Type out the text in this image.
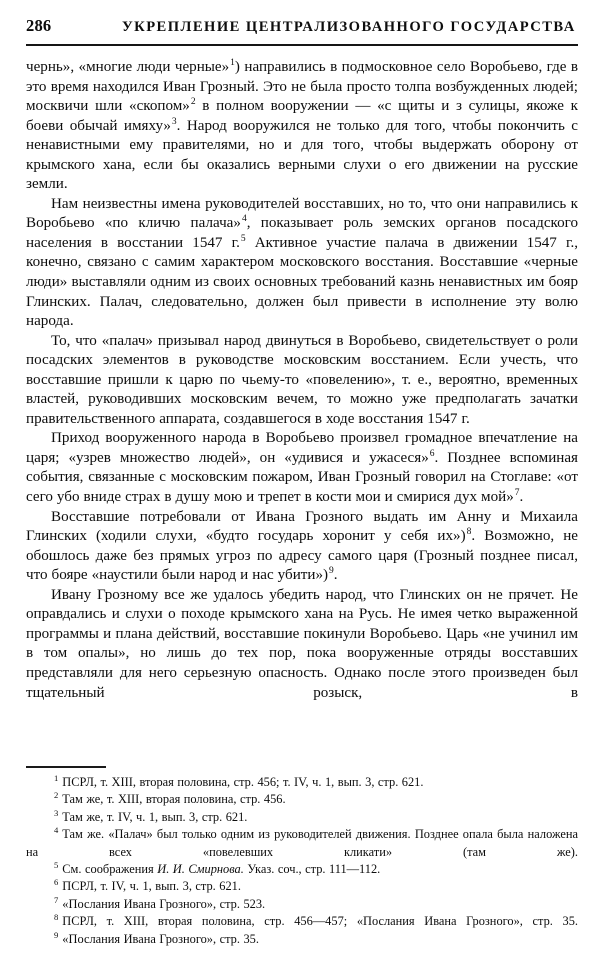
286	УКРЕПЛЕНИЕ ЦЕНТРАЛИЗОВАННОГО ГОСУДАРСТВА

чернь», «многие люди черные»$^1$) направились в подмосковное село Воробьево, где в это время находился Иван Грозный. Это не была просто толпа возбужденных людей; москвичи шли «скопом»$^2$ в полном вооружении — «с щиты и з сулицы, якоже к боеви обычай имяху»$^3$. Народ вооружился не только для того, чтобы покончить с ненавистными ему правителями, но и для того, чтобы выдержать оборону от крымского хана, если бы оказались верными слухи о его движении на русские земли.

Нам неизвестны имена руководителей восставших, но то, что они направились к Воробьево «по кличю палача»$^4$, показывает роль земских органов посадского населения в восстании 1547 г.$^5$ Активное участие палача в движении 1547 г., конечно, связано с самим характером московского восстания. Восставшие «черные люди» выставляли одним из своих основных требований казнь ненавистных им бояр Глинских. Палач, следовательно, должен был привести в исполнение эту волю народа.

То, что «палач» призывал народ двинуться в Воробьево, свидетельствует о роли посадских элементов в руководстве московским восстанием. Если учесть, что восставшие пришли к царю по чьему-то «повелению», т. е., вероятно, временных властей, руководивших московским вечем, то можно уже предполагать зачатки правительственного аппарата, создавшегося в ходе восстания 1547 г.

Приход вооруженного народа в Воробьево произвел громадное впечатление на царя; «узрев множество людей», он «удивися и ужасеся»$^6$. Позднее вспоминая события, связанные с московским пожаром, Иван Грозный говорил на Стоглаве: «от сего убо вниде страх в душу мою и трепет в кости мои и смирися дух мой»$^7$.

Восставшие потребовали от Ивана Грозного выдать им Анну и Михаила Глинских (ходили слухи, «будто государь хоронит у себя их»)$^8$. Возможно, не обошлось даже без прямых угроз по адресу самого царя (Грозный позднее писал, что бояре «наустили были народ и нас убити»)$^9$.

Ивану Грозному все же удалось убедить народ, что Глинских он не прячет. Не оправдались и слухи о походе крымского хана на Русь. Не имея четко выраженной программы и плана действий, восставшие покинули Воробьево. Царь «не учинил им в том опалы», но лишь до тех пор, пока вооруженные отряды восставших представляли для него серьезную опасность. Однако после этого произведен был тщательный розыск, в

$^1$ ПСРЛ, т. XIII, вторая половина, стр. 456; т. IV, ч. 1, вып. 3, стр. 621.

$^2$ Там же, т. XIII, вторая половина, стр. 456.

$^3$ Там же, т. IV, ч. 1, вып. 3, стр. 621.

$^4$ Там же. «Палач» был только одним из руководителей движения. Позднее опала была наложена на всех «повелевших кликати» (там же).

$^5$ См. соображения И. И. Смирнова. Указ. соч., стр. 111—112.

$^6$ ПСРЛ, т. IV, ч. 1, вып. 3, стр. 621.

$^7$ «Послания Ивана Грозного», стр. 523.

$^8$ ПСРЛ, т. XIII, вторая половина, стр. 456—457; «Послания Ивана Грозного», стр. 35.

$^9$ «Послания Ивана Грозного», стр. 35.
